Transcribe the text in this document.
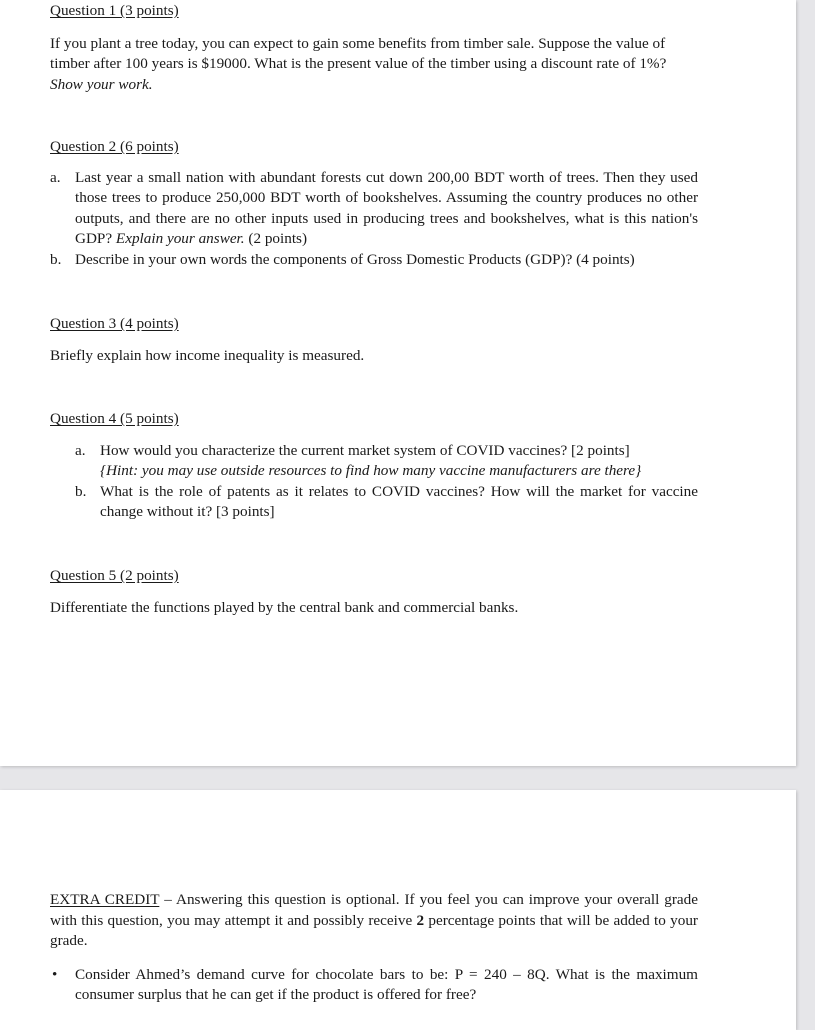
Question 1 (3 points)
If you plant a tree today, you can expect to gain some benefits from timber sale. Suppose the value of timber after 100 years is $19000. What is the present value of the timber using a discount rate of 1%? Show your work.
Question 2 (6 points)
a. Last year a small nation with abundant forests cut down 200,00 BDT worth of trees. Then they used those trees to produce 250,000 BDT worth of bookshelves. Assuming the country produces no other outputs, and there are no other inputs used in producing trees and bookshelves, what is this nation's GDP? Explain your answer. (2 points)
b. Describe in your own words the components of Gross Domestic Products (GDP)? (4 points)
Question 3 (4 points)
Briefly explain how income inequality is measured.
Question 4 (5 points)
a. How would you characterize the current market system of COVID vaccines? [2 points]
{Hint: you may use outside resources to find how many vaccine manufacturers are there}
b. What is the role of patents as it relates to COVID vaccines? How will the market for vaccine change without it? [3 points]
Question 5 (2 points)
Differentiate the functions played by the central bank and commercial banks.
EXTRA CREDIT – Answering this question is optional. If you feel you can improve your overall grade with this question, you may attempt it and possibly receive 2 percentage points that will be added to your grade.
• Consider Ahmed’s demand curve for chocolate bars to be: P = 240 – 8Q. What is the maximum consumer surplus that he can get if the product is offered for free?
